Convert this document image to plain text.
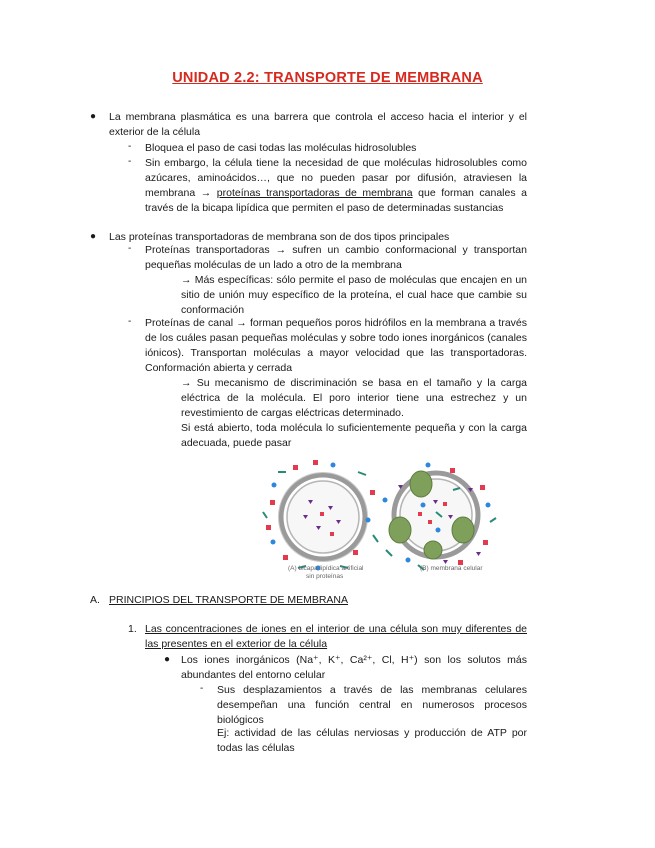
UNIDAD 2.2: TRANSPORTE DE MEMBRANA
● La membrana plasmática es una barrera que controla el acceso hacia el interior y el exterior de la célula
- Bloquea el paso de casi todas las moléculas hidrosolubles
- Sin embargo, la célula tiene la necesidad de que moléculas hidrosolubles como azúcares, aminoácidos…, que no pueden pasar por difusión, atraviesen la membrana → proteínas transportadoras de membrana que forman canales a través de la bicapa lipídica que permiten el paso de determinadas sustancias
● Las proteínas transportadoras de membrana son de dos tipos principales
- Proteínas transportadoras → sufren un cambio conformacional y transportan pequeñas moléculas de un lado a otro de la membrana
→ Más específicas: sólo permite el paso de moléculas que encajen en un sitio de unión muy específico de la proteína, el cual hace que cambie su conformación
- Proteínas de canal → forman pequeños poros hidrófilos en la membrana a través de los cuáles pasan pequeñas moléculas y sobre todo iones inorgánicos (canales iónicos). Transportan moléculas a mayor velocidad que las transportadoras. Conformación abierta y cerrada
→ Su mecanismo de discriminación se basa en el tamaño y la carga eléctrica de la molécula. El poro interior tiene una estrechez y un revestimiento de cargas eléctricas determinado.
Si está abierto, toda molécula lo suficientemente pequeña y con la carga adecuada, puede pasar
(A) bicapa lipídica artificial
sin proteínas
(B) membrana celular
A. PRINCIPIOS DEL TRANSPORTE DE MEMBRANA
1. Las concentraciones de iones en el interior de una célula son muy diferentes de las presentes en el exterior de la célula
● Los iones inorgánicos (Na⁺, K⁺, Ca²⁺, Cl, H⁺) son los solutos más abundantes del entorno celular
- Sus desplazamientos a través de las membranas celulares desempeñan una función central en numerosos procesos biológicos
Ej: actividad de las células nerviosas y producción de ATP por todas las células
